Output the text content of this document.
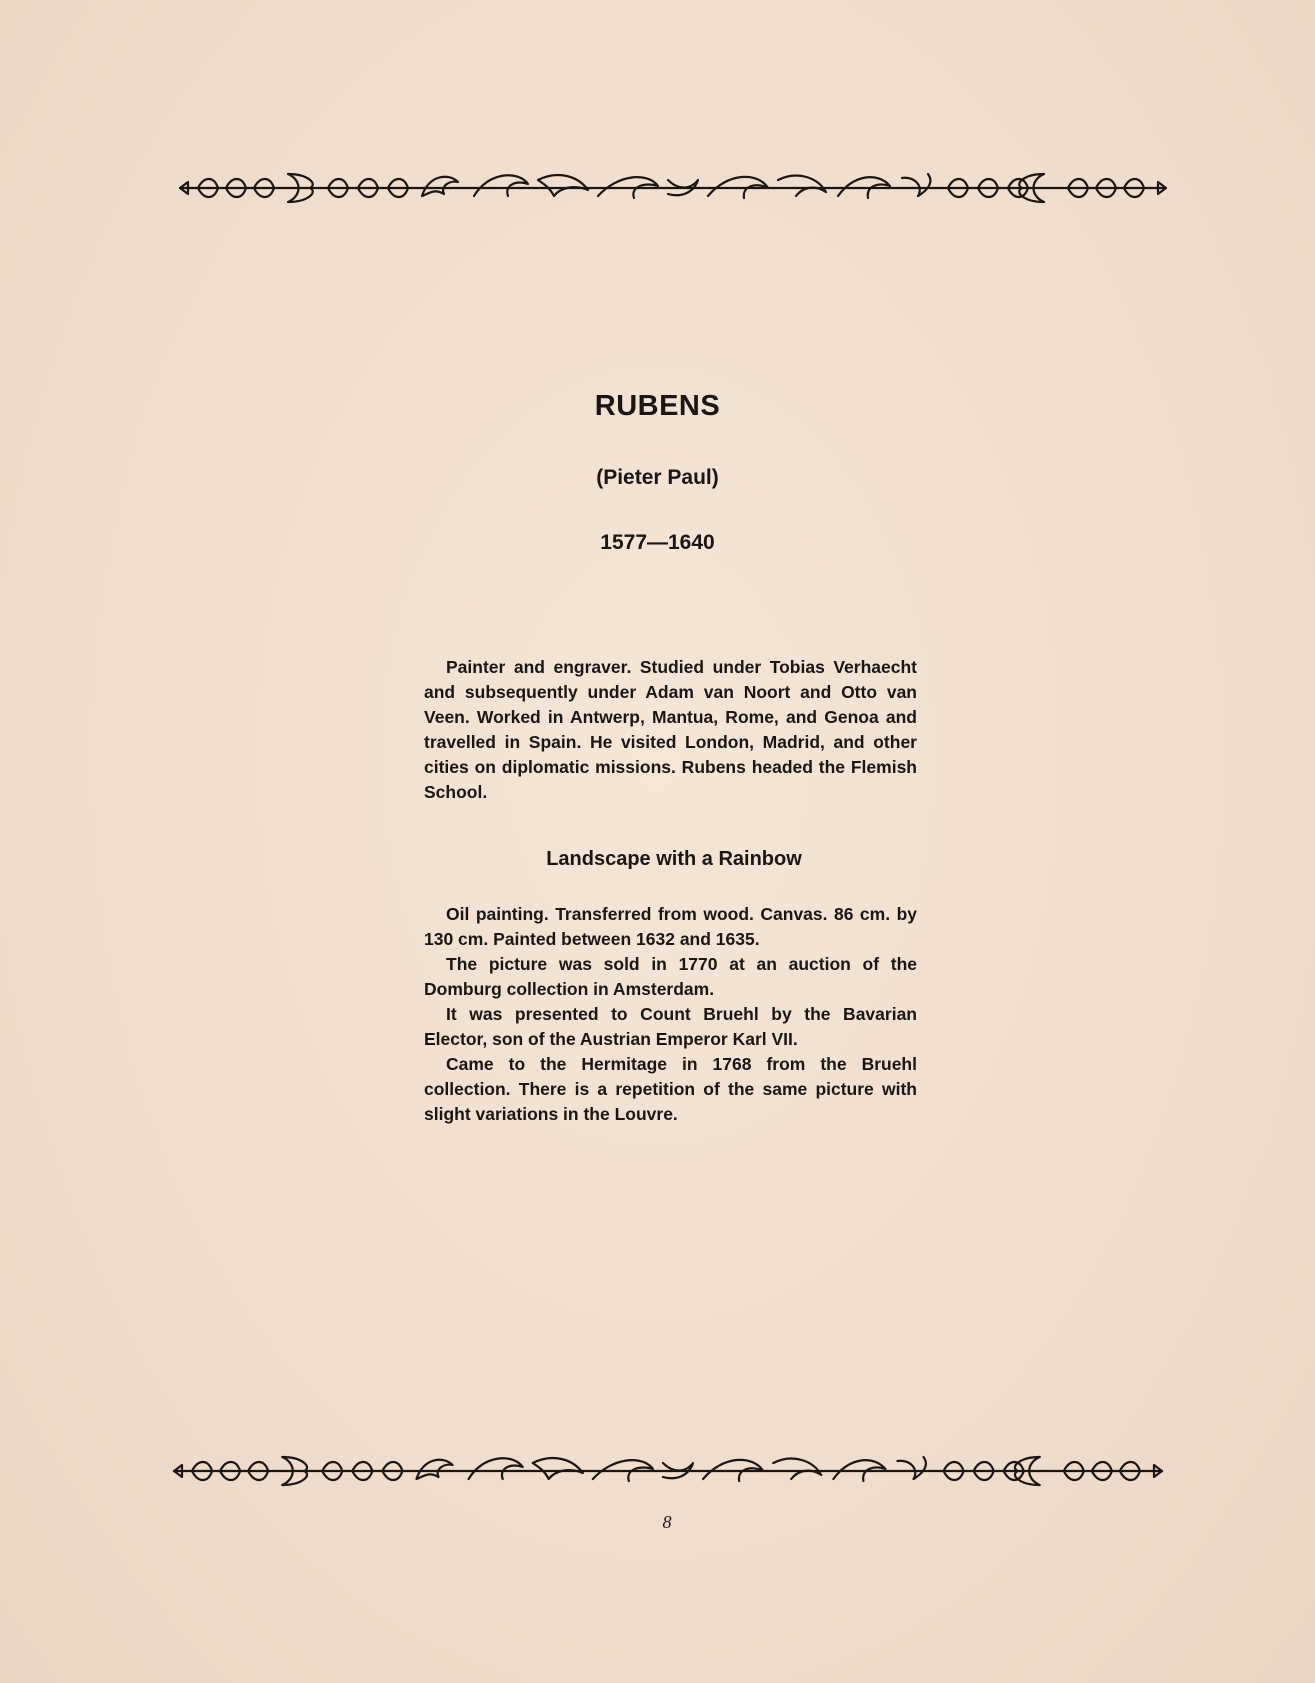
RUBENS
(Pieter Paul)
1577—1640

Painter and engraver. Studied under Tobias Verhaecht and subsequently under Adam van Noort and Otto van Veen. Worked in Antwerp, Mantua, Rome, and Genoa and travelled in Spain. He visited London, Madrid, and other cities on diplomatic missions. Rubens headed the Flemish School.

Landscape with a Rainbow

Oil painting. Transferred from wood. Canvas. 86 cm. by 130 cm. Painted between 1632 and 1635.

The picture was sold in 1770 at an auction of the Domburg collection in Amsterdam.

It was presented to Count Bruehl by the Bavarian Elector, son of the Austrian Emperor Karl VII.

Came to the Hermitage in 1768 from the Bruehl collection. There is a repetition of the same picture with slight variations in the Louvre.

8
